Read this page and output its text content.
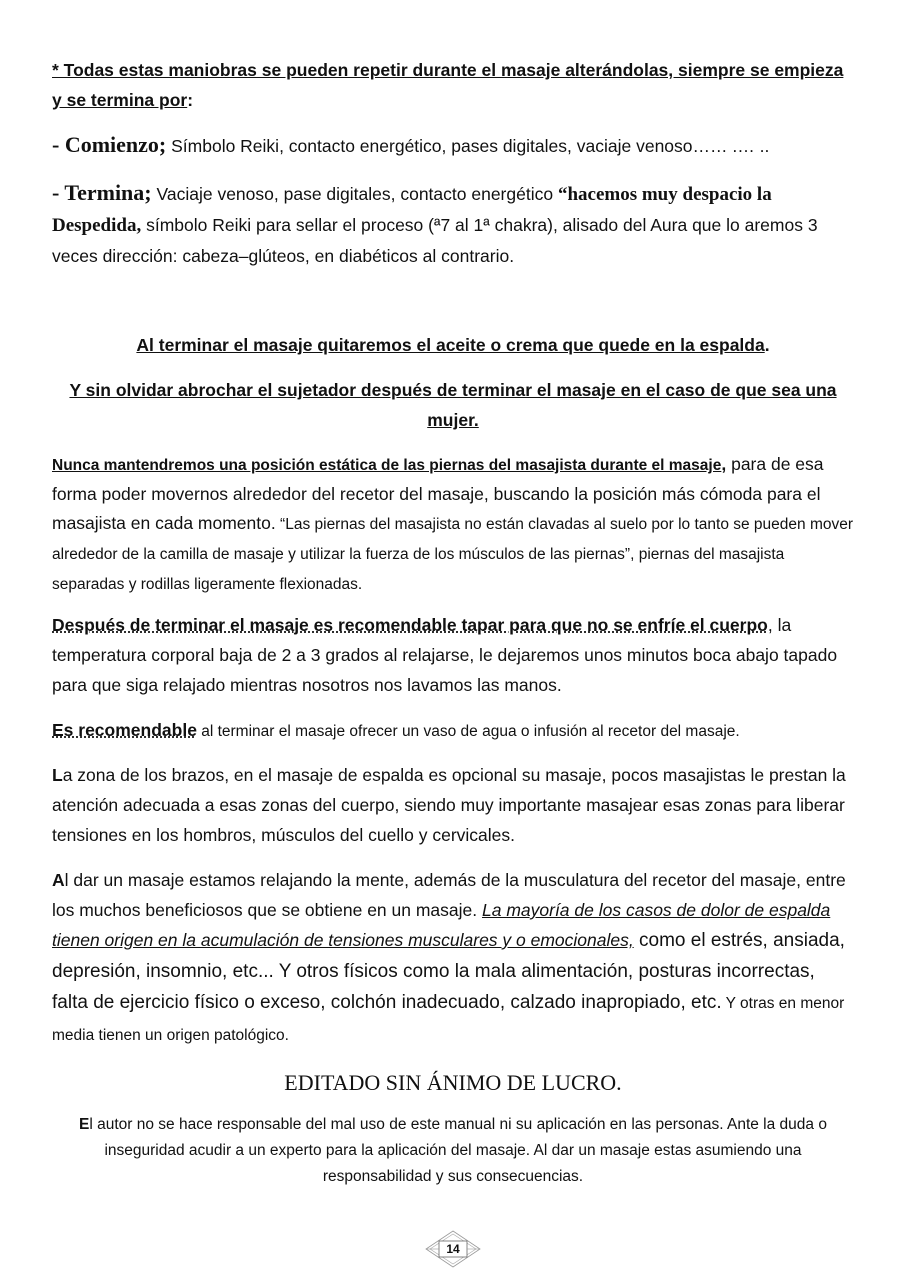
* Todas estas maniobras se pueden repetir durante el masaje alterándolas, siempre se empieza y se termina por:
- Comienzo; Símbolo Reiki, contacto energético, pases digitales, vaciaje venoso…… .… ..
- Termina; Vaciaje venoso, pase digitales, contacto energético “hacemos muy despacio la Despedida, símbolo Reiki para sellar el proceso (ª7 al 1ª chakra), alisado del Aura que lo aremos 3 veces dirección: cabeza–glúteos, en diabéticos al contrario.
Al terminar el masaje quitaremos el aceite o crema que quede en la espalda.
Y sin olvidar abrochar el sujetador después de terminar el masaje en el caso de que sea una mujer.
Nunca mantendremos una posición estática de las piernas del masajista durante el masaje, para de esa forma poder movernos alrededor del recetor del masaje, buscando la posición más cómoda para el masajista en cada momento. “Las piernas del masajista no están clavadas al suelo por lo tanto se pueden mover alrededor de la camilla de masaje y utilizar la fuerza de los músculos de las piernas”, piernas del masajista separadas y rodillas ligeramente flexionadas.
Después de terminar el masaje es recomendable tapar para que no se enfríe el cuerpo, la temperatura corporal baja de 2 a 3 grados al relajarse, le dejaremos unos minutos boca abajo tapado para que siga relajado mientras nosotros nos lavamos las manos.
Es recomendable al terminar el masaje ofrecer un vaso de agua o infusión al recetor del masaje.
La zona de los brazos, en el masaje de espalda es opcional su masaje, pocos masajistas le prestan la atención adecuada a esas zonas del cuerpo, siendo muy importante masajear esas zonas para liberar tensiones en los hombros, músculos del cuello y cervicales.
Al dar un masaje estamos relajando la mente, además de la musculatura del recetor del masaje, entre los muchos beneficiosos que se obtiene en un masaje. La mayoría de los casos de dolor de espalda tienen origen en la acumulación de tensiones musculares y o emocionales, como el estrés, ansiada, depresión, insomnio, etc... Y otros físicos como la mala alimentación, posturas incorrectas, falta de ejercicio físico o exceso, colchón inadecuado, calzado inapropiado, etc. Y otras en menor media tienen un origen patológico.
EDITADO SIN ÁNIMO DE LUCRO.
El autor no se hace responsable del mal uso de este manual ni su aplicación en las personas. Ante la duda o inseguridad acudir a un experto para la aplicación del masaje. Al dar un masaje estas asumiendo una responsabilidad y sus consecuencias.
14
